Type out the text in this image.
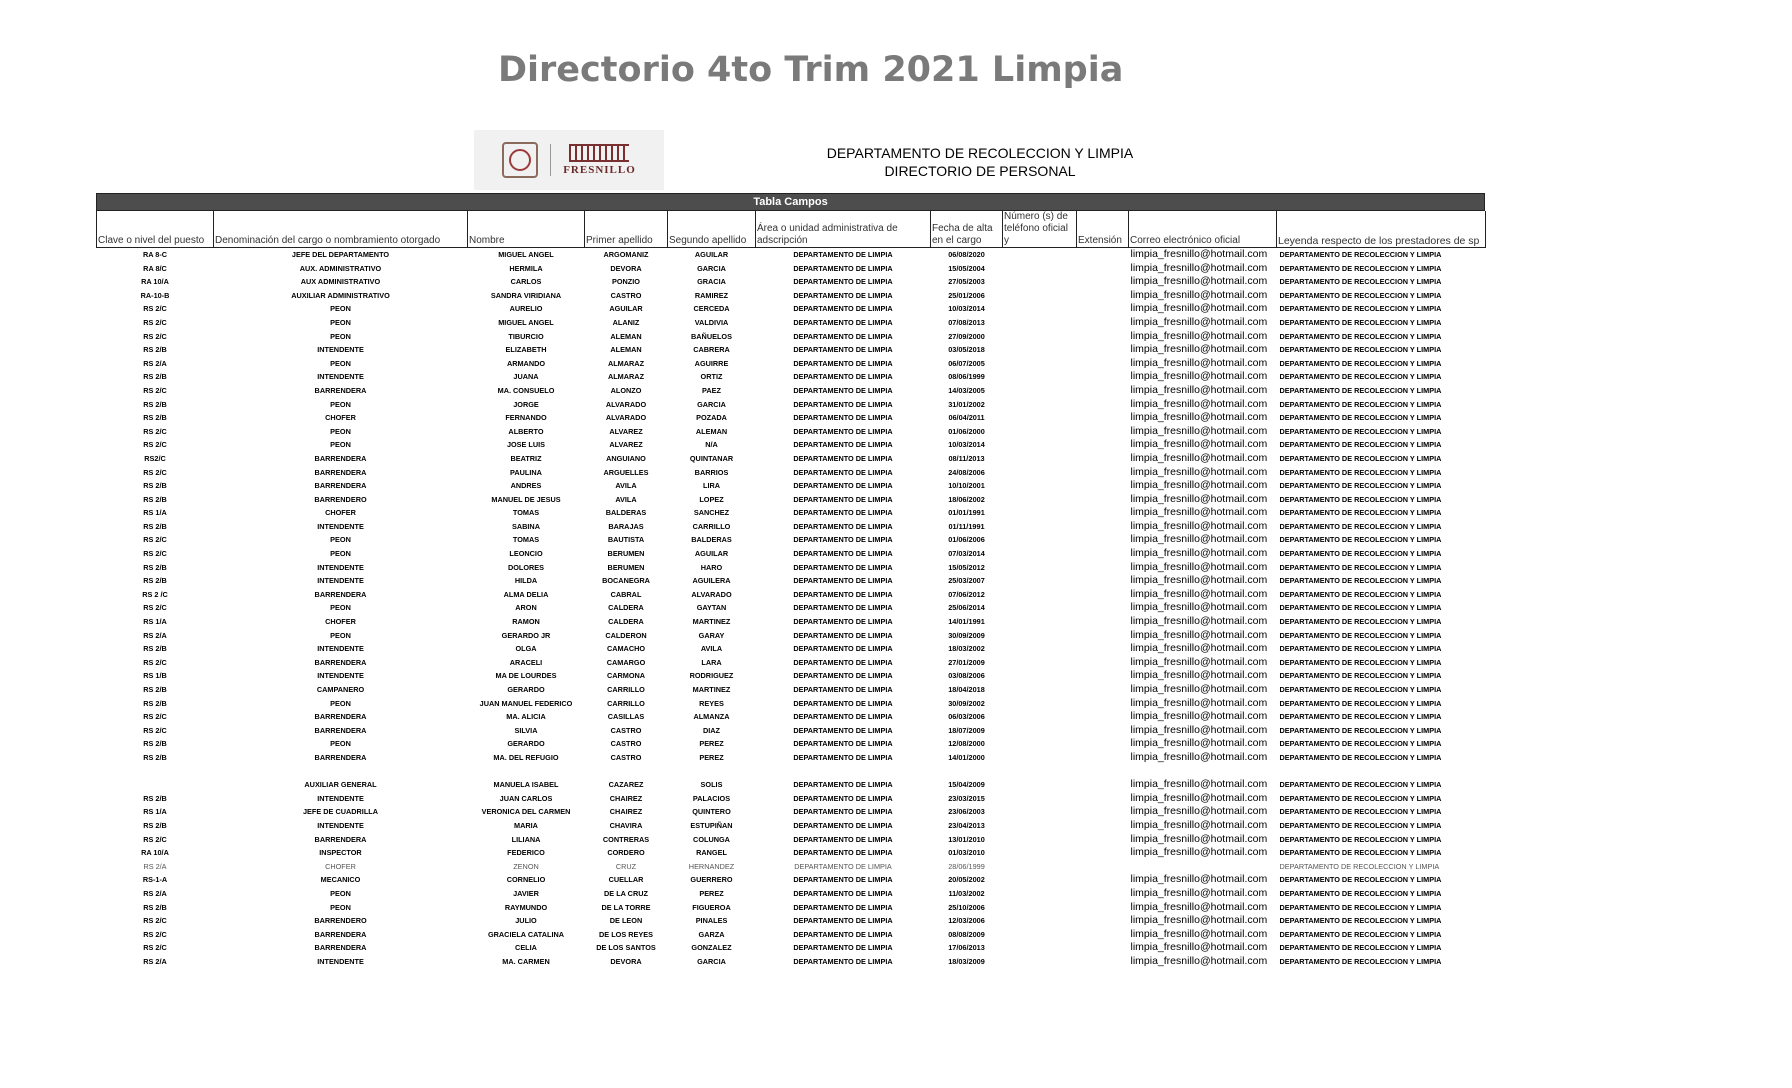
Directorio 4to Trim 2021 Limpia
FRESNILLO
DEPARTAMENTO DE RECOLECCION Y LIMPIA
DIRECTORIO DE PERSONAL
Tabla Campos
Clave o nivel del puesto	Denominación del cargo o nombramiento otorgado	Nombre	Primer apellido	Segundo apellido	Área o unidad administrativa de adscripción	Fecha de alta en el cargo	Número (s) de teléfono oficial y	Extensión	Correo electrónico oficial	Leyenda respecto de los prestadores de sp
RA 8-C	JEFE DEL DEPARTAMENTO	MIGUEL ANGEL	ARGOMANIZ	AGUILAR	DEPARTAMENTO DE LIMPIA	06/08/2020			limpia_fresnillo@hotmail.com	DEPARTAMENTO DE RECOLECCION Y LIMPIA
RA 8/C	AUX. ADMINISTRATIVO	HERMILA	DEVORA	GARCIA	DEPARTAMENTO DE LIMPIA	15/05/2004			limpia_fresnillo@hotmail.com	DEPARTAMENTO DE RECOLECCION Y LIMPIA
RA 10/A	AUX ADMINISTRATIVO	CARLOS	PONZIO	GRACIA	DEPARTAMENTO DE LIMPIA	27/05/2003			limpia_fresnillo@hotmail.com	DEPARTAMENTO DE RECOLECCION Y LIMPIA
RA-10-B	AUXILIAR ADMINISTRATIVO	SANDRA VIRIDIANA	CASTRO	RAMIREZ	DEPARTAMENTO DE LIMPIA	25/01/2006			limpia_fresnillo@hotmail.com	DEPARTAMENTO DE RECOLECCION Y LIMPIA
RS 2/C	PEON	AURELIO	AGUILAR	CERCEDA	DEPARTAMENTO DE LIMPIA	10/03/2014			limpia_fresnillo@hotmail.com	DEPARTAMENTO DE RECOLECCION Y LIMPIA
RS 2/C	PEON	MIGUEL ANGEL	ALANIZ	VALDIVIA	DEPARTAMENTO DE LIMPIA	07/08/2013			limpia_fresnillo@hotmail.com	DEPARTAMENTO DE RECOLECCION Y LIMPIA
RS 2/C	PEON	TIBURCIO	ALEMAN	BAÑUELOS	DEPARTAMENTO DE LIMPIA	27/09/2000			limpia_fresnillo@hotmail.com	DEPARTAMENTO DE RECOLECCION Y LIMPIA
RS 2/B	INTENDENTE	ELIZABETH	ALEMAN	CABRERA	DEPARTAMENTO DE LIMPIA	03/05/2018			limpia_fresnillo@hotmail.com	DEPARTAMENTO DE RECOLECCION Y LIMPIA
RS 2/A	PEON	ARMANDO	ALMARAZ	AGUIRRE	DEPARTAMENTO DE LIMPIA	06/07/2005			limpia_fresnillo@hotmail.com	DEPARTAMENTO DE RECOLECCION Y LIMPIA
RS 2/B	INTENDENTE	JUANA	ALMARAZ	ORTIZ	DEPARTAMENTO DE LIMPIA	08/06/1999			limpia_fresnillo@hotmail.com	DEPARTAMENTO DE RECOLECCION Y LIMPIA
RS 2/C	BARRENDERA	MA. CONSUELO	ALONZO	PAEZ	DEPARTAMENTO DE LIMPIA	14/03/2005			limpia_fresnillo@hotmail.com	DEPARTAMENTO DE RECOLECCION Y LIMPIA
RS 2/B	PEON	JORGE	ALVARADO	GARCIA	DEPARTAMENTO DE LIMPIA	31/01/2002			limpia_fresnillo@hotmail.com	DEPARTAMENTO DE RECOLECCION Y LIMPIA
RS 2/B	CHOFER	FERNANDO	ALVARADO	POZADA	DEPARTAMENTO DE LIMPIA	06/04/2011			limpia_fresnillo@hotmail.com	DEPARTAMENTO DE RECOLECCION Y LIMPIA
RS 2/C	PEON	ALBERTO	ALVAREZ	ALEMAN	DEPARTAMENTO DE LIMPIA	01/06/2000			limpia_fresnillo@hotmail.com	DEPARTAMENTO DE RECOLECCION Y LIMPIA
RS 2/C	PEON	JOSE LUIS	ALVAREZ	N/A	DEPARTAMENTO DE LIMPIA	10/03/2014			limpia_fresnillo@hotmail.com	DEPARTAMENTO DE RECOLECCION Y LIMPIA
RS2/C	BARRENDERA	BEATRIZ	ANGUIANO	QUINTANAR	DEPARTAMENTO DE LIMPIA	08/11/2013			limpia_fresnillo@hotmail.com	DEPARTAMENTO DE RECOLECCION Y LIMPIA
RS 2/C	BARRENDERA	PAULINA	ARGUELLES	BARRIOS	DEPARTAMENTO DE LIMPIA	24/08/2006			limpia_fresnillo@hotmail.com	DEPARTAMENTO DE RECOLECCION Y LIMPIA
RS 2/B	BARRENDERA	ANDRES	AVILA	LIRA	DEPARTAMENTO DE LIMPIA	10/10/2001			limpia_fresnillo@hotmail.com	DEPARTAMENTO DE RECOLECCION Y LIMPIA
RS 2/B	BARRENDERO	MANUEL DE JESUS	AVILA	LOPEZ	DEPARTAMENTO DE LIMPIA	18/06/2002			limpia_fresnillo@hotmail.com	DEPARTAMENTO DE RECOLECCION Y LIMPIA
RS 1/A	CHOFER	TOMAS	BALDERAS	SANCHEZ	DEPARTAMENTO DE LIMPIA	01/01/1991			limpia_fresnillo@hotmail.com	DEPARTAMENTO DE RECOLECCION Y LIMPIA
RS 2/B	INTENDENTE	SABINA	BARAJAS	CARRILLO	DEPARTAMENTO DE LIMPIA	01/11/1991			limpia_fresnillo@hotmail.com	DEPARTAMENTO DE RECOLECCION Y LIMPIA
RS 2/C	PEON	TOMAS	BAUTISTA	BALDERAS	DEPARTAMENTO DE LIMPIA	01/06/2006			limpia_fresnillo@hotmail.com	DEPARTAMENTO DE RECOLECCION Y LIMPIA
RS 2/C	PEON	LEONCIO	BERUMEN	AGUILAR	DEPARTAMENTO DE LIMPIA	07/03/2014			limpia_fresnillo@hotmail.com	DEPARTAMENTO DE RECOLECCION Y LIMPIA
RS 2/B	INTENDENTE	DOLORES	BERUMEN	HARO	DEPARTAMENTO DE LIMPIA	15/05/2012			limpia_fresnillo@hotmail.com	DEPARTAMENTO DE RECOLECCION Y LIMPIA
RS 2/B	INTENDENTE	HILDA	BOCANEGRA	AGUILERA	DEPARTAMENTO DE LIMPIA	25/03/2007			limpia_fresnillo@hotmail.com	DEPARTAMENTO DE RECOLECCION Y LIMPIA
RS 2 /C	BARRENDERA	ALMA DELIA	CABRAL	ALVARADO	DEPARTAMENTO DE LIMPIA	07/06/2012			limpia_fresnillo@hotmail.com	DEPARTAMENTO DE RECOLECCION Y LIMPIA
RS 2/C	PEON	ARON	CALDERA	GAYTAN	DEPARTAMENTO DE LIMPIA	25/06/2014			limpia_fresnillo@hotmail.com	DEPARTAMENTO DE RECOLECCION Y LIMPIA
RS 1/A	CHOFER	RAMON	CALDERA	MARTINEZ	DEPARTAMENTO DE LIMPIA	14/01/1991			limpia_fresnillo@hotmail.com	DEPARTAMENTO DE RECOLECCION Y LIMPIA
RS 2/A	PEON	GERARDO JR	CALDERON	GARAY	DEPARTAMENTO DE LIMPIA	30/09/2009			limpia_fresnillo@hotmail.com	DEPARTAMENTO DE RECOLECCION Y LIMPIA
RS 2/B	INTENDENTE	OLGA	CAMACHO	AVILA	DEPARTAMENTO DE LIMPIA	18/03/2002			limpia_fresnillo@hotmail.com	DEPARTAMENTO DE RECOLECCION Y LIMPIA
RS 2/C	BARRENDERA	ARACELI	CAMARGO	LARA	DEPARTAMENTO DE LIMPIA	27/01/2009			limpia_fresnillo@hotmail.com	DEPARTAMENTO DE RECOLECCION Y LIMPIA
RS 1/B	INTENDENTE	MA DE LOURDES	CARMONA	RODRIGUEZ	DEPARTAMENTO DE LIMPIA	03/08/2006			limpia_fresnillo@hotmail.com	DEPARTAMENTO DE RECOLECCION Y LIMPIA
RS 2/B	CAMPANERO	GERARDO	CARRILLO	MARTINEZ	DEPARTAMENTO DE LIMPIA	18/04/2018			limpia_fresnillo@hotmail.com	DEPARTAMENTO DE RECOLECCION Y LIMPIA
RS 2/B	PEON	JUAN MANUEL FEDERICO	CARRILLO	REYES	DEPARTAMENTO DE LIMPIA	30/09/2002			limpia_fresnillo@hotmail.com	DEPARTAMENTO DE RECOLECCION Y LIMPIA
RS 2/C	BARRENDERA	MA. ALICIA	CASILLAS	ALMANZA	DEPARTAMENTO DE LIMPIA	06/03/2006			limpia_fresnillo@hotmail.com	DEPARTAMENTO DE RECOLECCION Y LIMPIA
RS 2/C	BARRENDERA	SILVIA	CASTRO	DIAZ	DEPARTAMENTO DE LIMPIA	18/07/2009			limpia_fresnillo@hotmail.com	DEPARTAMENTO DE RECOLECCION Y LIMPIA
RS 2/B	PEON	GERARDO	CASTRO	PEREZ	DEPARTAMENTO DE LIMPIA	12/08/2000			limpia_fresnillo@hotmail.com	DEPARTAMENTO DE RECOLECCION Y LIMPIA
RS 2/B	BARRENDERA	MA. DEL REFUGIO	CASTRO	PEREZ	DEPARTAMENTO DE LIMPIA	14/01/2000			limpia_fresnillo@hotmail.com	DEPARTAMENTO DE RECOLECCION Y LIMPIA

	AUXILIAR GENERAL	MANUELA ISABEL	CAZAREZ	SOLIS	DEPARTAMENTO DE LIMPIA	15/04/2009			limpia_fresnillo@hotmail.com	DEPARTAMENTO DE RECOLECCION Y LIMPIA
RS 2/B	INTENDENTE	JUAN CARLOS	CHAIREZ	PALACIOS	DEPARTAMENTO DE LIMPIA	23/03/2015			limpia_fresnillo@hotmail.com	DEPARTAMENTO DE RECOLECCION Y LIMPIA
RS 1/A	JEFE DE CUADRILLA	VERONICA DEL CARMEN	CHAIREZ	QUINTERO	DEPARTAMENTO DE LIMPIA	23/06/2003			limpia_fresnillo@hotmail.com	DEPARTAMENTO DE RECOLECCION Y LIMPIA
RS 2/B	INTENDENTE	MARIA	CHAVIRA	ESTUPIÑAN	DEPARTAMENTO DE LIMPIA	23/04/2013			limpia_fresnillo@hotmail.com	DEPARTAMENTO DE RECOLECCION Y LIMPIA
RS 2/C	BARRENDERA	LILIANA	CONTRERAS	COLUNGA	DEPARTAMENTO DE LIMPIA	13/01/2010			limpia_fresnillo@hotmail.com	DEPARTAMENTO DE RECOLECCION Y LIMPIA
RA 10/A	INSPECTOR	FEDERICO	CORDERO	RANGEL	DEPARTAMENTO DE LIMPIA	01/03/2010			limpia_fresnillo@hotmail.com	DEPARTAMENTO DE RECOLECCION Y LIMPIA
RS 2/A	CHOFER	ZENON	CRUZ	HERNANDEZ	DEPARTAMENTO DE LIMPIA	28/06/1999			limpia_fresnillo@hotmail.com	DEPARTAMENTO DE RECOLECCION Y LIMPIA
RS-1-A	MECANICO	CORNELIO	CUELLAR	GUERRERO	DEPARTAMENTO DE LIMPIA	20/05/2002			limpia_fresnillo@hotmail.com	DEPARTAMENTO DE RECOLECCION Y LIMPIA
RS 2/A	PEON	JAVIER	DE LA CRUZ	PEREZ	DEPARTAMENTO DE LIMPIA	11/03/2002			limpia_fresnillo@hotmail.com	DEPARTAMENTO DE RECOLECCION Y LIMPIA
RS 2/B	PEON	RAYMUNDO	DE LA TORRE	FIGUEROA	DEPARTAMENTO DE LIMPIA	25/10/2006			limpia_fresnillo@hotmail.com	DEPARTAMENTO DE RECOLECCION Y LIMPIA
RS 2/C	BARRENDERO	JULIO	DE LEON	PINALES	DEPARTAMENTO DE LIMPIA	12/03/2006			limpia_fresnillo@hotmail.com	DEPARTAMENTO DE RECOLECCION Y LIMPIA
RS 2/C	BARRENDERA	GRACIELA CATALINA	DE LOS REYES	GARZA	DEPARTAMENTO DE LIMPIA	08/08/2009			limpia_fresnillo@hotmail.com	DEPARTAMENTO DE RECOLECCION Y LIMPIA
RS 2/C	BARRENDERA	CELIA	DE LOS SANTOS	GONZALEZ	DEPARTAMENTO DE LIMPIA	17/06/2013			limpia_fresnillo@hotmail.com	DEPARTAMENTO DE RECOLECCION Y LIMPIA
RS 2/A	INTENDENTE	MA. CARMEN	DEVORA	GARCIA	DEPARTAMENTO DE LIMPIA	18/03/2009			limpia_fresnillo@hotmail.com	DEPARTAMENTO DE RECOLECCION Y LIMPIA
